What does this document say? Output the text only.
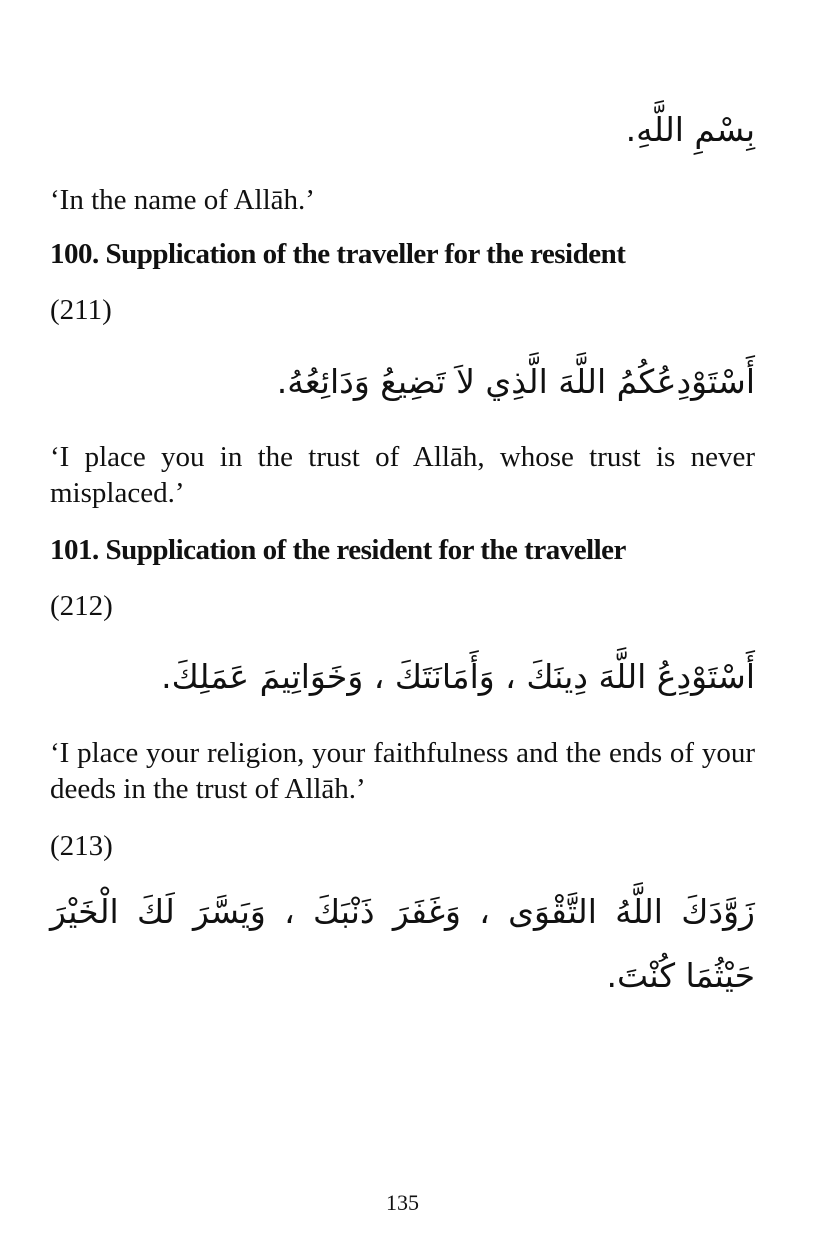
بِسْمِ اللَّهِ.
‘In the name of Allāh.’
100. Supplication of the traveller for the resident
(211)
أَسْتَوْدِعُكُمُ اللَّهَ الَّذِي لاَ تَضِيعُ وَدَائِعُهُ.
‘I place you in the trust of Allāh, whose trust is never misplaced.’
101. Supplication of the resident for the traveller
(212)
أَسْتَوْدِعُ اللَّهَ دِينَكَ ، وَأَمَانَتَكَ ، وَخَوَاتِيمَ عَمَلِكَ.
‘I place your religion, your faithfulness and the ends of your deeds in the trust of Allāh.’
(213)
زَوَّدَكَ اللَّهُ التَّقْوَى ، وَغَفَرَ ذَنْبَكَ ، وَيَسَّرَ لَكَ الْخَيْرَ حَيْثُمَا كُنْتَ.
135
